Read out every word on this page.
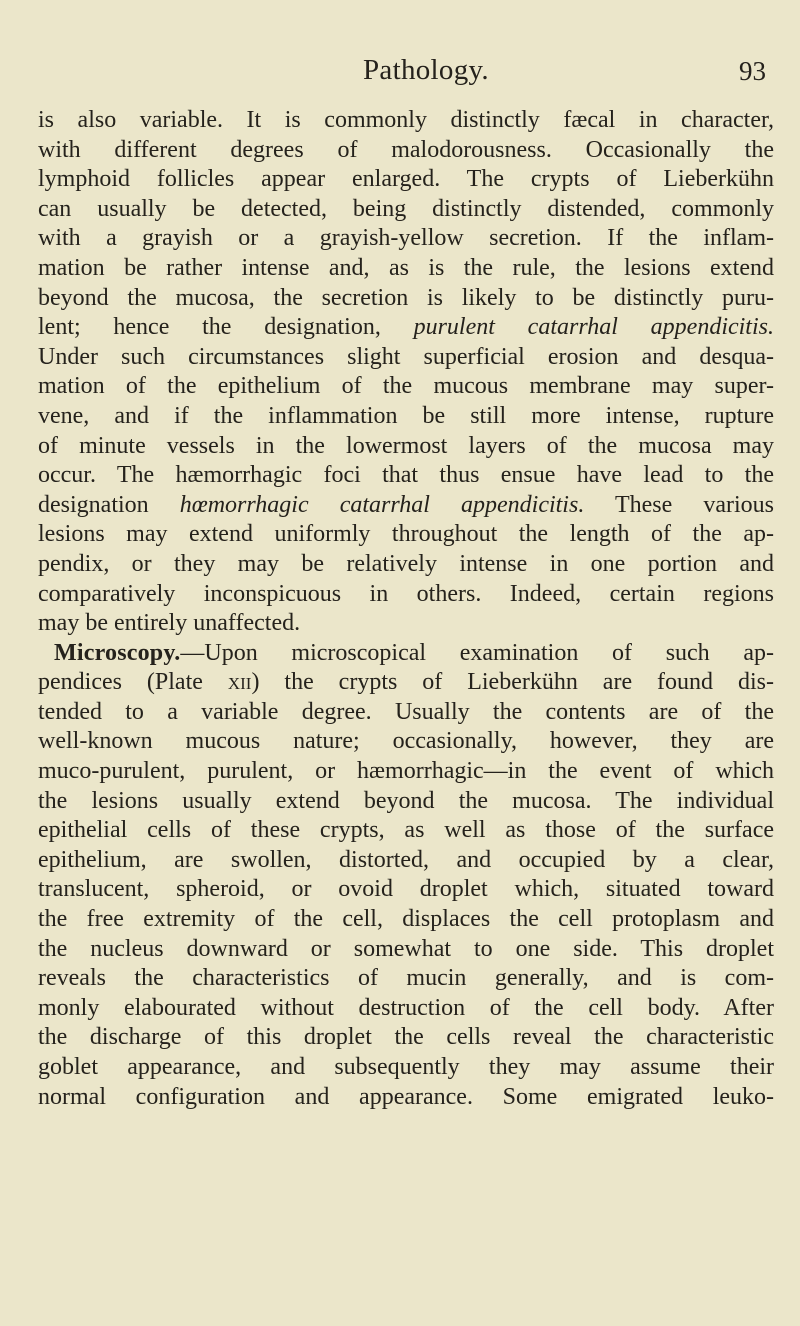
Pathology.	93
is also variable. It is commonly distinctly fæcal in character,
with different degrees of malodorousness. Occasionally the
lymphoid follicles appear enlarged. The crypts of Lieberkühn
can usually be detected, being distinctly distended, commonly
with a grayish or a grayish-yellow secretion. If the inflam-
mation be rather intense and, as is the rule, the lesions extend
beyond the mucosa, the secretion is likely to be distinctly puru-
lent; hence the designation, purulent catarrhal appendicitis.
Under such circumstances slight superficial erosion and desqua-
mation of the epithelium of the mucous membrane may super-
vene, and if the inflammation be still more intense, rupture
of minute vessels in the lowermost layers of the mucosa may
occur. The hæmorrhagic foci that thus ensue have lead to the
designation hœmorrhagic catarrhal appendicitis. These various
lesions may extend uniformly throughout the length of the ap-
pendix, or they may be relatively intense in one portion and
comparatively inconspicuous in others. Indeed, certain regions
may be entirely unaffected.
Microscopy.—Upon microscopical examination of such ap-
pendices (Plate xii) the crypts of Lieberkühn are found dis-
tended to a variable degree. Usually the contents are of the
well-known mucous nature; occasionally, however, they are
muco-purulent, purulent, or hæmorrhagic—in the event of which
the lesions usually extend beyond the mucosa. The individual
epithelial cells of these crypts, as well as those of the surface
epithelium, are swollen, distorted, and occupied by a clear,
translucent, spheroid, or ovoid droplet which, situated toward
the free extremity of the cell, displaces the cell protoplasm and
the nucleus downward or somewhat to one side. This droplet
reveals the characteristics of mucin generally, and is com-
monly elabourated without destruction of the cell body. After
the discharge of this droplet the cells reveal the characteristic
goblet appearance, and subsequently they may assume their
normal configuration and appearance. Some emigrated leuko-
